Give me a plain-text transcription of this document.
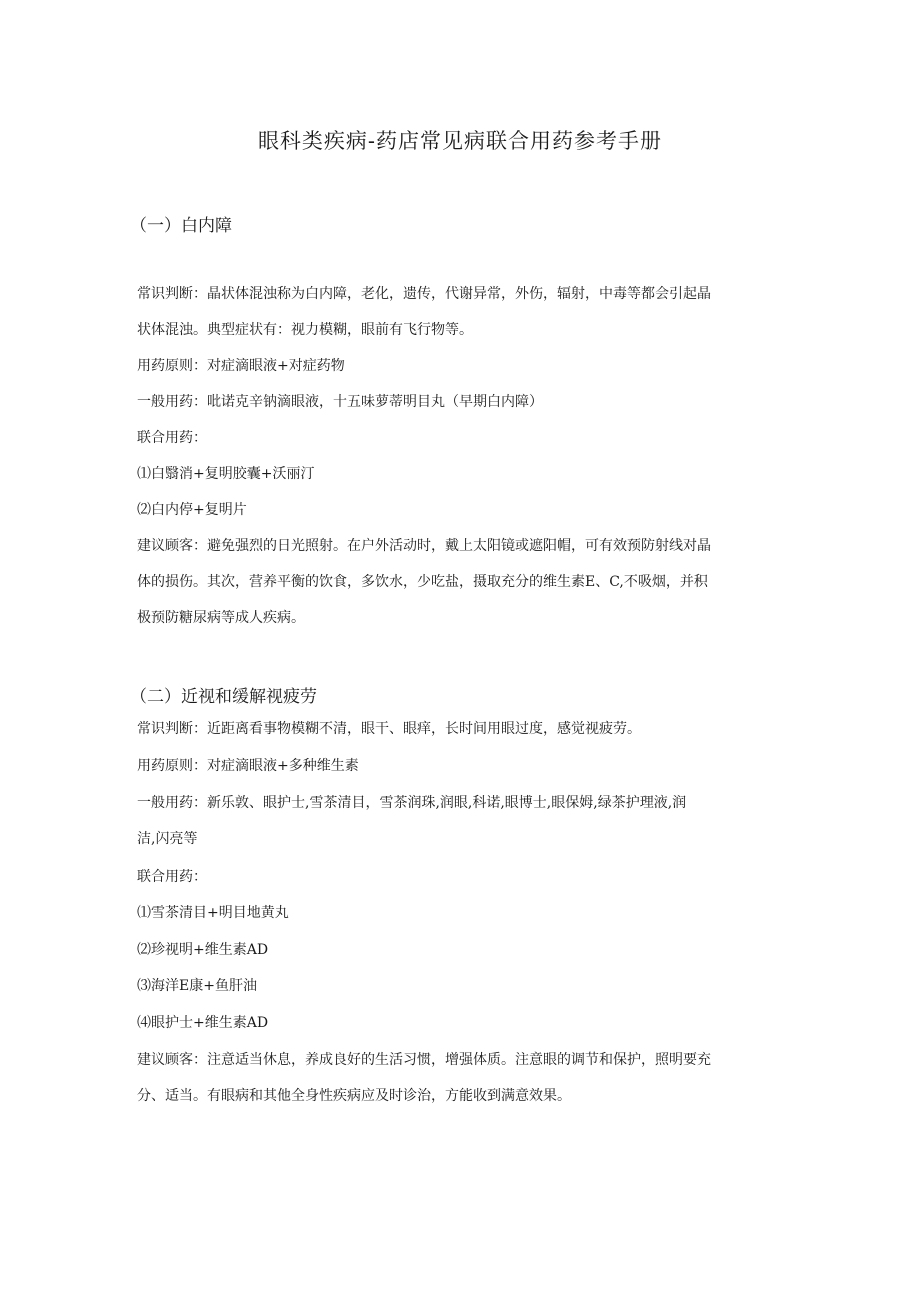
眼科类疾病-药店常见病联合用药参考手册
（一）白内障
常识判断：晶状体混浊称为白内障，老化，遗传，代谢异常，外伤，辐射，中毒等都会引起晶
状体混浊。典型症状有：视力模糊，眼前有飞行物等。
用药原则：对症滴眼液+对症药物
一般用药：吡诺克辛钠滴眼液，十五味萝蒂明目丸（早期白内障）
联合用药：
⑴白翳消+复明胶囊+沃丽汀
⑵白内停+复明片
建议顾客：避免强烈的日光照射。在户外活动时，戴上太阳镜或遮阳帽，可有效预防射线对晶
体的损伤。其次，营养平衡的饮食，多饮水，少吃盐，摄取充分的维生素E、C,不吸烟，并积
极预防糖尿病等成人疾病。
（二）近视和缓解视疲劳
常识判断：近距离看事物模糊不清，眼干、眼痒，长时间用眼过度，感觉视疲劳。
用药原则：对症滴眼液+多种维生素
一般用药：新乐敦、眼护士,雪茶清目，雪茶润珠,润眼,科诺,眼博士,眼保姆,绿茶护理液,润
洁,闪亮等
联合用药：
⑴雪茶清目+明目地黄丸
⑵珍视明+维生素AD
⑶海洋E康+鱼肝油
⑷眼护士+维生素AD
建议顾客：注意适当休息，养成良好的生活习惯，增强体质。注意眼的调节和保护，照明要充
分、适当。有眼病和其他全身性疾病应及时诊治，方能收到满意效果。
